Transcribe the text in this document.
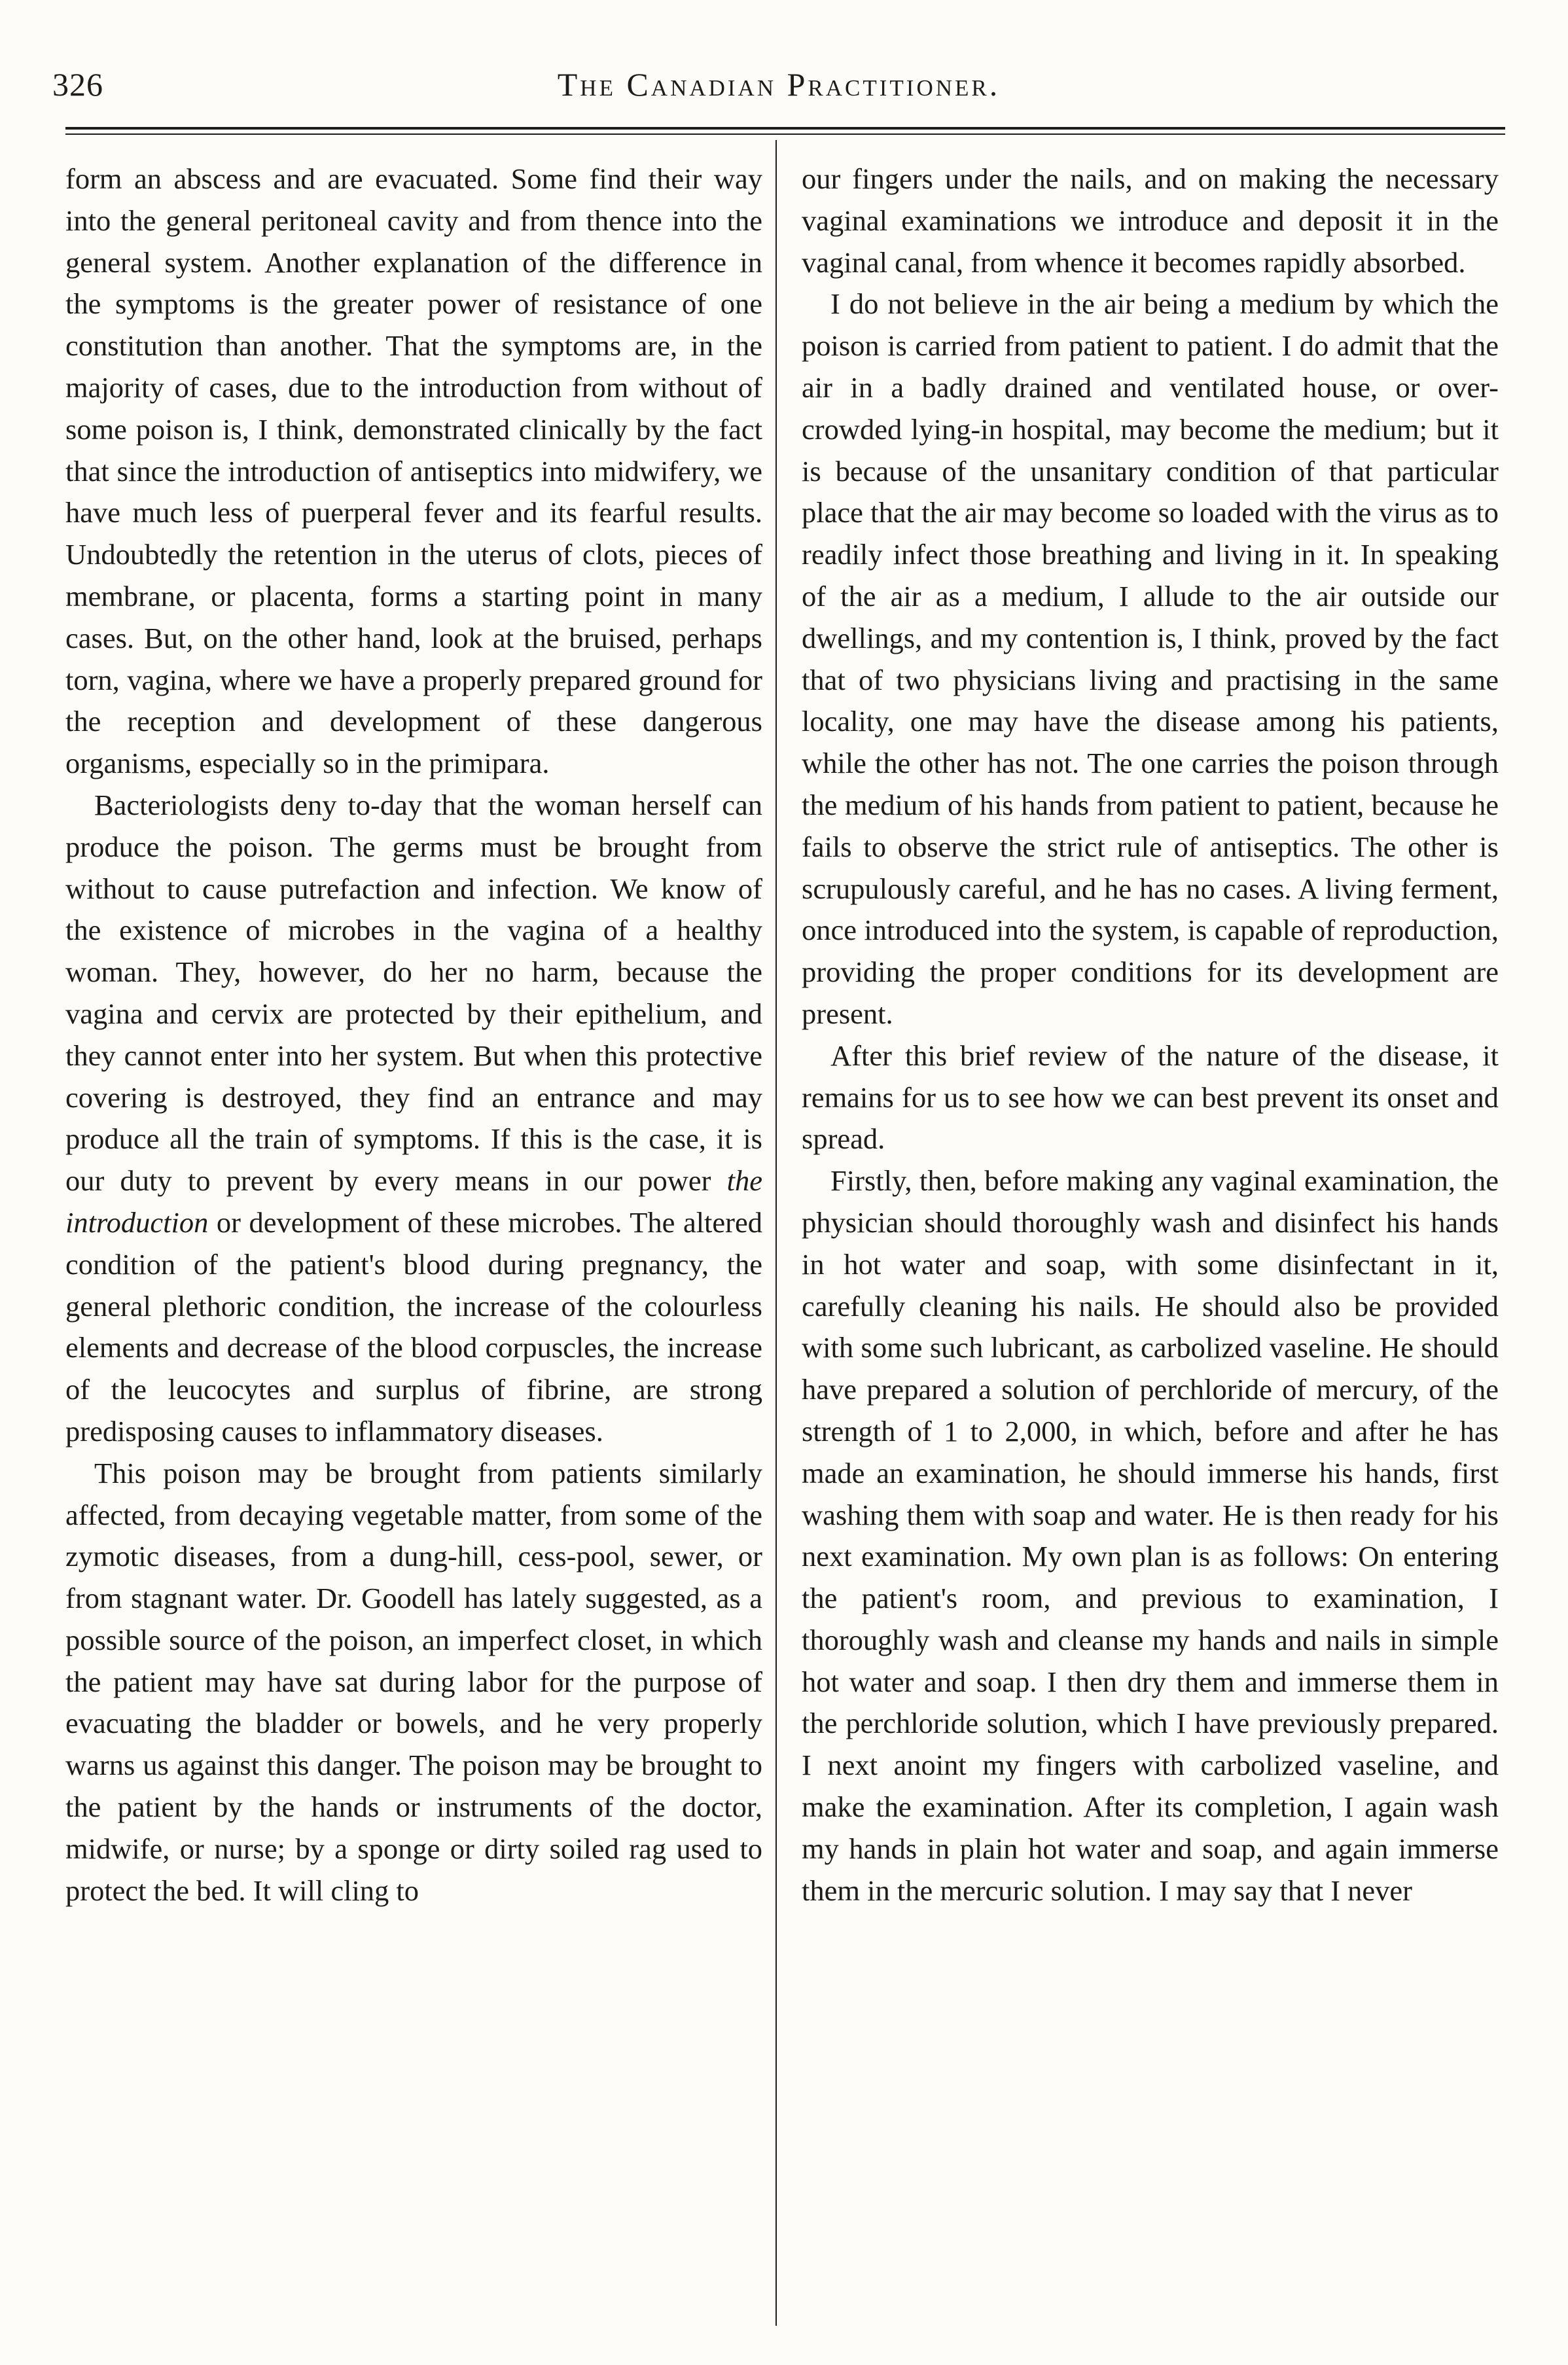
326	The Canadian Practitioner.

form an abscess and are evacuated. Some find their way into the general peritoneal cavity and from thence into the general system. Another explanation of the difference in the symptoms is the greater power of resistance of one constitution than another. That the symptoms are, in the majority of cases, due to the introduction from without of some poison is, I think, demonstrated clinically by the fact that since the introduction of antiseptics into midwifery, we have much less of puerperal fever and its fearful results. Undoubtedly the retention in the uterus of clots, pieces of membrane, or placenta, forms a starting point in many cases. But, on the other hand, look at the bruised, perhaps torn, vagina, where we have a properly prepared ground for the reception and development of these dangerous organisms, especially so in the primipara.

Bacteriologists deny to-day that the woman herself can produce the poison. The germs must be brought from without to cause putrefaction and infection. We know of the existence of microbes in the vagina of a healthy woman. They, however, do her no harm, because the vagina and cervix are protected by their epithelium, and they cannot enter into her system. But when this protective covering is destroyed, they find an entrance and may produce all the train of symptoms. If this is the case, it is our duty to prevent by every means in our power the introduction or development of these microbes. The altered condition of the patient's blood during pregnancy, the general plethoric condition, the increase of the colourless elements and decrease of the blood corpuscles, the increase of the leucocytes and surplus of fibrine, are strong predisposing causes to inflammatory diseases.

This poison may be brought from patients similarly affected, from decaying vegetable matter, from some of the zymotic diseases, from a dung-hill, cess-pool, sewer, or from stagnant water. Dr. Goodell has lately suggested, as a possible source of the poison, an imperfect closet, in which the patient may have sat during labor for the purpose of evacuating the bladder or bowels, and he very properly warns us against this danger. The poison may be brought to the patient by the hands or instruments of the doctor, midwife, or nurse; by a sponge or dirty soiled rag used to protect the bed. It will cling to

our fingers under the nails, and on making the necessary vaginal examinations we introduce and deposit it in the vaginal canal, from whence it becomes rapidly absorbed.

I do not believe in the air being a medium by which the poison is carried from patient to patient. I do admit that the air in a badly drained and ventilated house, or over-crowded lying-in hospital, may become the medium; but it is because of the unsanitary condition of that particular place that the air may become so loaded with the virus as to readily infect those breathing and living in it. In speaking of the air as a medium, I allude to the air outside our dwellings, and my contention is, I think, proved by the fact that of two physicians living and practising in the same locality, one may have the disease among his patients, while the other has not. The one carries the poison through the medium of his hands from patient to patient, because he fails to observe the strict rule of antiseptics. The other is scrupulously careful, and he has no cases. A living ferment, once introduced into the system, is capable of reproduction, providing the proper conditions for its development are present.

After this brief review of the nature of the disease, it remains for us to see how we can best prevent its onset and spread.

Firstly, then, before making any vaginal examination, the physician should thoroughly wash and disinfect his hands in hot water and soap, with some disinfectant in it, carefully cleaning his nails. He should also be provided with some such lubricant, as carbolized vaseline. He should have prepared a solution of perchloride of mercury, of the strength of 1 to 2,000, in which, before and after he has made an examination, he should immerse his hands, first washing them with soap and water. He is then ready for his next examination. My own plan is as follows: On entering the patient's room, and previous to examination, I thoroughly wash and cleanse my hands and nails in simple hot water and soap. I then dry them and immerse them in the perchloride solution, which I have previously prepared. I next anoint my fingers with carbolized vaseline, and make the examination. After its completion, I again wash my hands in plain hot water and soap, and again immerse them in the mercuric solution. I may say that I never
